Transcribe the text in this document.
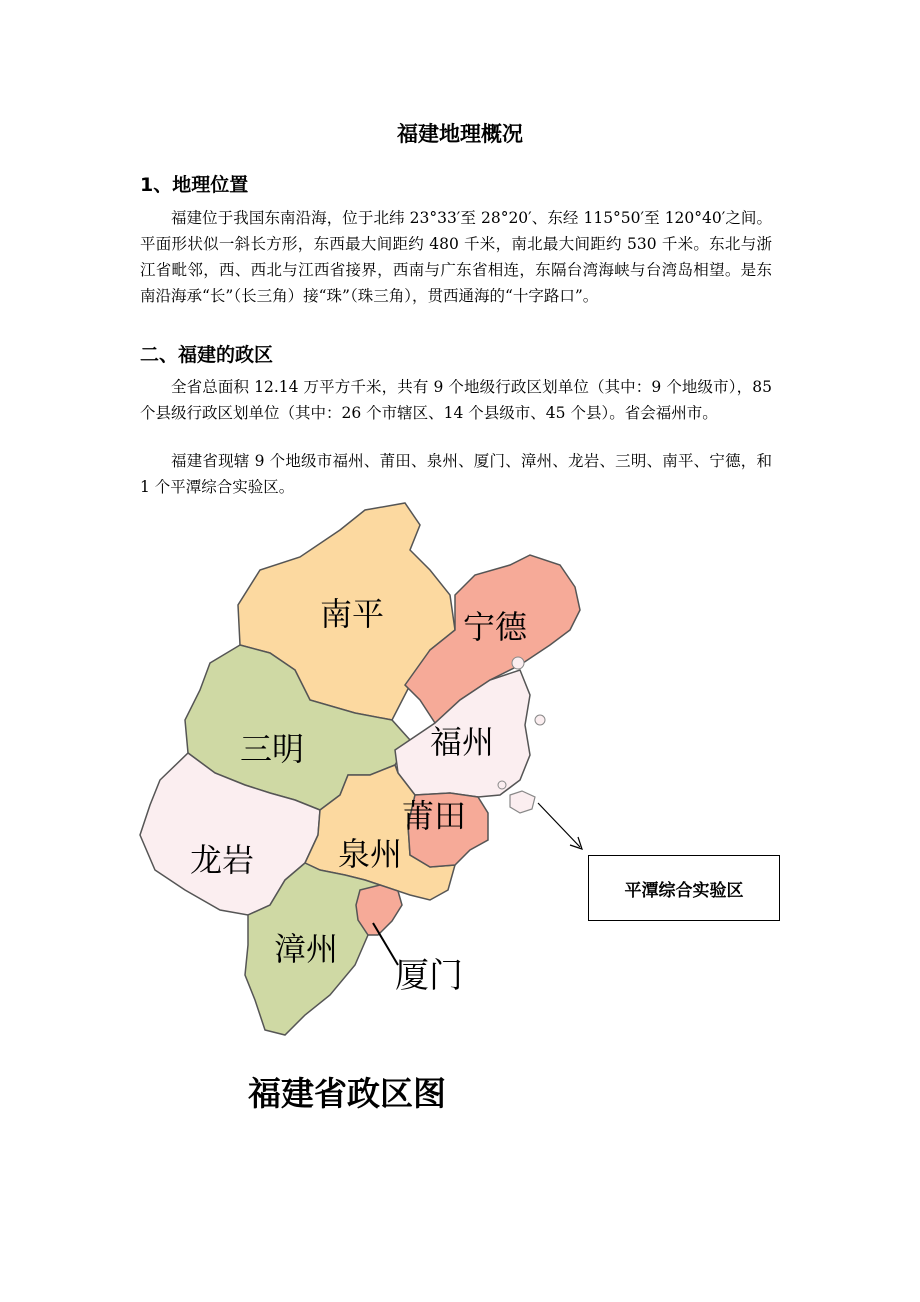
福建地理概况
1、地理位置

福建位于我国东南沿海，位于北纬 23°33′至 28°20′、东经 115°50′至 120°40′之间。平面形状似一斜长方形，东西最大间距约 480 千米，南北最大间距约 530 千米。东北与浙江省毗邻，西、西北与江西省接界，西南与广东省相连，东隔台湾海峡与台湾岛相望。是东南沿海承“长”（长三角）接“珠”（珠三角），贯西通海的“十字路口”。

二、福建的政区

全省总面积 12.14 万平方千米，共有 9 个地级行政区划单位（其中：9 个地级市），85 个县级行政区划单位（其中：26 个市辖区、14 个县级市、45 个县）。省会福州市。

福建省现辖 9 个地级市福州、莆田、泉州、厦门、漳州、龙岩、三明、南平、宁德，和 1 个平潭综合实验区。

南平 宁德
三明	福州
莆田
龙岩	泉州
漳州
厦门
福建省政区图
平潭综合实验区
